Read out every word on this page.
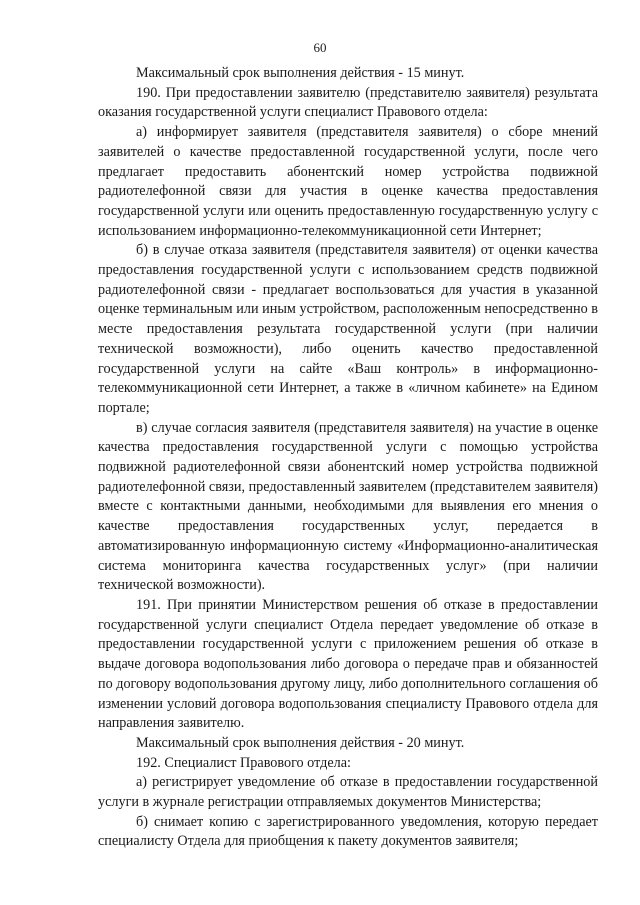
60

Максимальный срок выполнения действия - 15 минут.

190. При предоставлении заявителю (представителю заявителя) результата оказания государственной услуги специалист Правового отдела:

а) информирует заявителя (представителя заявителя) о сборе мнений заявителей о качестве предоставленной государственной услуги, после чего предлагает предоставить абонентский номер устройства подвижной радиотелефонной связи для участия в оценке качества предоставления государственной услуги или оценить предоставленную государственную услугу с использованием информационно-телекоммуникационной сети Интернет;

б) в случае отказа заявителя (представителя заявителя) от оценки качества предоставления государственной услуги с использованием средств подвижной радиотелефонной связи - предлагает воспользоваться для участия в указанной оценке терминальным или иным устройством, расположенным непосредственно в месте предоставления результата государственной услуги (при наличии технической возможности), либо оценить качество предоставленной государственной услуги на сайте «Ваш контроль» в информационно-телекоммуникационной сети Интернет, а также в «личном кабинете» на Едином портале;

в) случае согласия заявителя (представителя заявителя) на участие в оценке качества предоставления государственной услуги с помощью устройства подвижной радиотелефонной связи абонентский номер устройства подвижной радиотелефонной связи, предоставленный заявителем (представителем заявителя) вместе с контактными данными, необходимыми для выявления его мнения о качестве предоставления государственных услуг, передается в автоматизированную информационную систему «Информационно-аналитическая система мониторинга качества государственных услуг» (при наличии технической возможности).

191. При принятии Министерством решения об отказе в предоставлении государственной услуги специалист Отдела передает уведомление об отказе в предоставлении государственной услуги с приложением решения об отказе в выдаче договора водопользования либо договора о передаче прав и обязанностей по договору водопользования другому лицу, либо дополнительного соглашения об изменении условий договора водопользования специалисту Правового отдела для направления заявителю.

Максимальный срок выполнения действия - 20 минут.

192. Специалист Правового отдела:

а) регистрирует уведомление об отказе в предоставлении государственной услуги в журнале регистрации отправляемых документов Министерства;

б) снимает копию с зарегистрированного уведомления, которую передает специалисту Отдела для приобщения к пакету документов заявителя;
